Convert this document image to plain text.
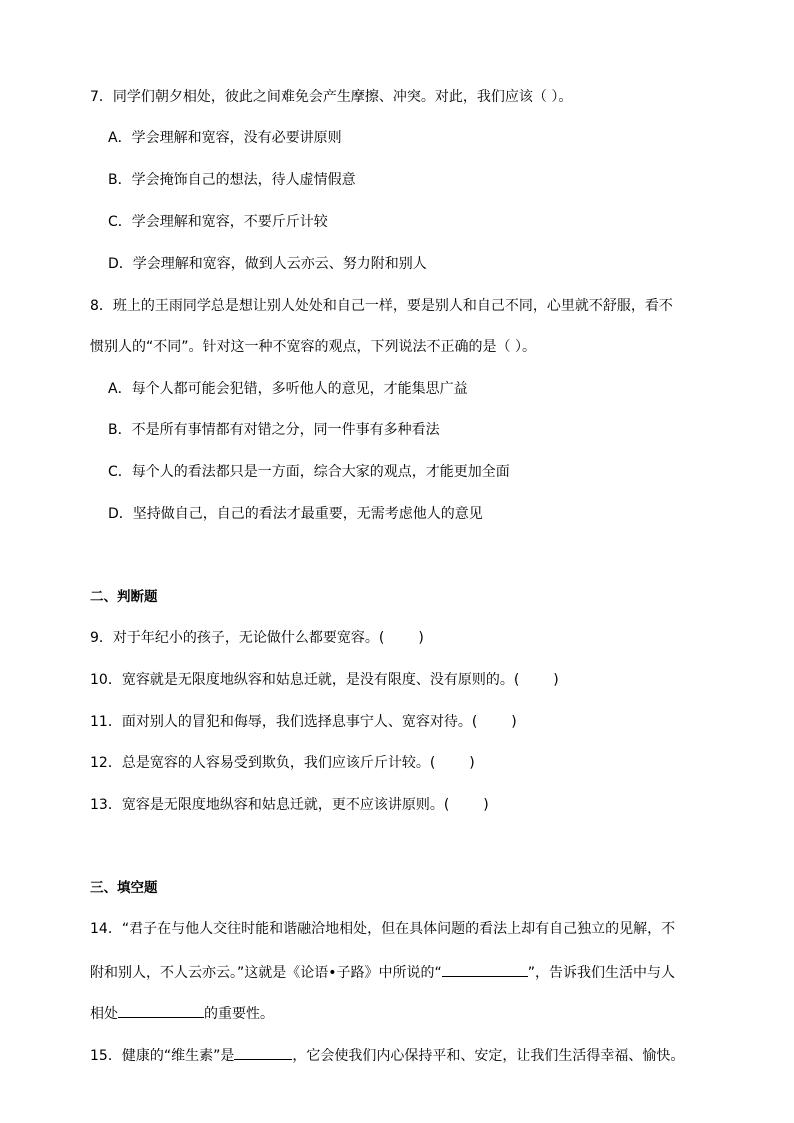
7．同学们朝夕相处，彼此之间难免会产生摩擦、冲突。对此，我们应该（ ）。
A．学会理解和宽容，没有必要讲原则
B．学会掩饰自己的想法，待人虚情假意
C．学会理解和宽容，不要斤斤计较
D．学会理解和宽容，做到人云亦云、努力附和别人
8．班上的王雨同学总是想让别人处处和自己一样，要是别人和自己不同，心里就不舒服，看不
惯别人的“不同”。针对这一种不宽容的观点，下列说法不正确的是（ ）。
A．每个人都可能会犯错，多听他人的意见，才能集思广益
B．不是所有事情都有对错之分，同一件事有多种看法
C．每个人的看法都只是一方面，综合大家的观点，才能更加全面
D．坚持做自己，自己的看法才最重要，无需考虑他人的意见
二、判断题
9．对于年纪小的孩子，无论做什么都要宽容。( )
10．宽容就是无限度地纵容和姑息迁就，是没有限度、没有原则的。( )
11．面对别人的冒犯和侮辱，我们选择息事宁人、宽容对待。( )
12．总是宽容的人容易受到欺负，我们应该斤斤计较。( )
13．宽容是无限度地纵容和姑息迁就，更不应该讲原则。( )
三、填空题
14．“君子在与他人交往时能和谐融洽地相处，但在具体问题的看法上却有自己独立的见解，不
附和别人，不人云亦云。”这就是《论语•子路》中所说的“	”，告诉我们生活中与人
相处	的重要性。
15．健康的“维生素”是	，它会使我们内心保持平和、安定，让我们生活得幸福、愉快。
